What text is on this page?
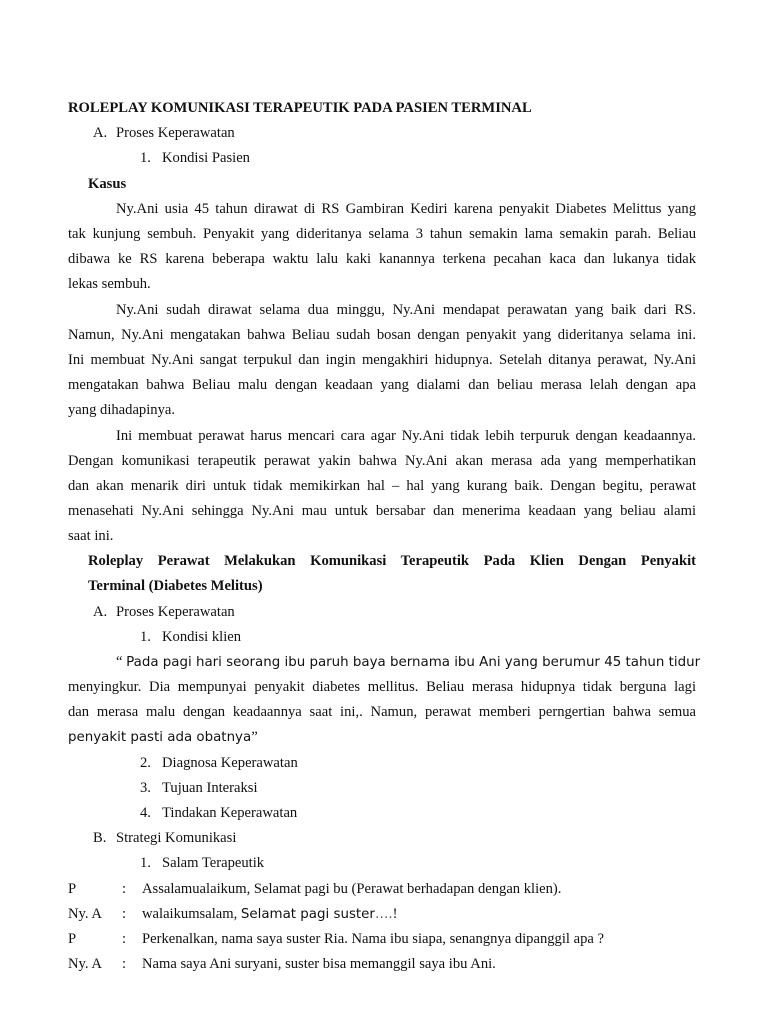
ROLEPLAY KOMUNIKASI TERAPEUTIK PADA PASIEN TERMINAL
A. Proses Keperawatan
1. Kondisi Pasien
Kasus
Ny.Ani usia 45 tahun dirawat di RS Gambiran Kediri karena penyakit Diabetes Melittus yang
tak kunjung sembuh. Penyakit yang dideritanya selama 3 tahun semakin lama semakin parah. Beliau
dibawa ke RS karena beberapa waktu lalu kaki kanannya terkena pecahan kaca dan lukanya tidak
lekas sembuh.
Ny.Ani sudah dirawat selama dua minggu, Ny.Ani mendapat perawatan yang baik dari RS.
Namun, Ny.Ani mengatakan bahwa Beliau sudah bosan dengan penyakit yang dideritanya selama ini.
Ini membuat Ny.Ani sangat terpukul dan ingin mengakhiri hidupnya. Setelah ditanya perawat, Ny.Ani
mengatakan bahwa Beliau malu dengan keadaan yang dialami dan beliau merasa lelah dengan apa
yang dihadapinya.
Ini membuat perawat harus mencari cara agar Ny.Ani tidak lebih terpuruk dengan keadaannya.
Dengan komunikasi terapeutik perawat yakin bahwa Ny.Ani akan merasa ada yang memperhatikan
dan akan menarik diri untuk tidak memikirkan hal – hal yang kurang baik. Dengan begitu, perawat
menasehati Ny.Ani sehingga Ny.Ani mau untuk bersabar dan menerima keadaan yang beliau alami
saat ini.
Roleplay Perawat Melakukan Komunikasi Terapeutik Pada Klien Dengan Penyakit
Terminal (Diabetes Melitus)
A. Proses Keperawatan
1. Kondisi klien
“ Pada pagi hari seorang ibu paruh baya bernama ibu Ani yang berumur 45 tahun tidur
menyingkur. Dia mempunyai penyakit diabetes mellitus. Beliau merasa hidupnya tidak berguna lagi
dan merasa malu dengan keadaannya saat ini,. Namun, perawat memberi perngertian bahwa semua
penyakit pasti ada obatnya”
2. Diagnosa Keperawatan
3. Tujuan Interaksi
4. Tindakan Keperawatan
B. Strategi Komunikasi
1. Salam Terapeutik
P	: Assalamualaikum, Selamat pagi bu (Perawat berhadapan dengan klien).
Ny. A : walaikumsalam, Selamat pagi suster….!
P	: Perkenalkan, nama saya suster Ria. Nama ibu siapa, senangnya dipanggil apa ?
Ny. A : Nama saya Ani suryani, suster bisa memanggil saya ibu Ani.
